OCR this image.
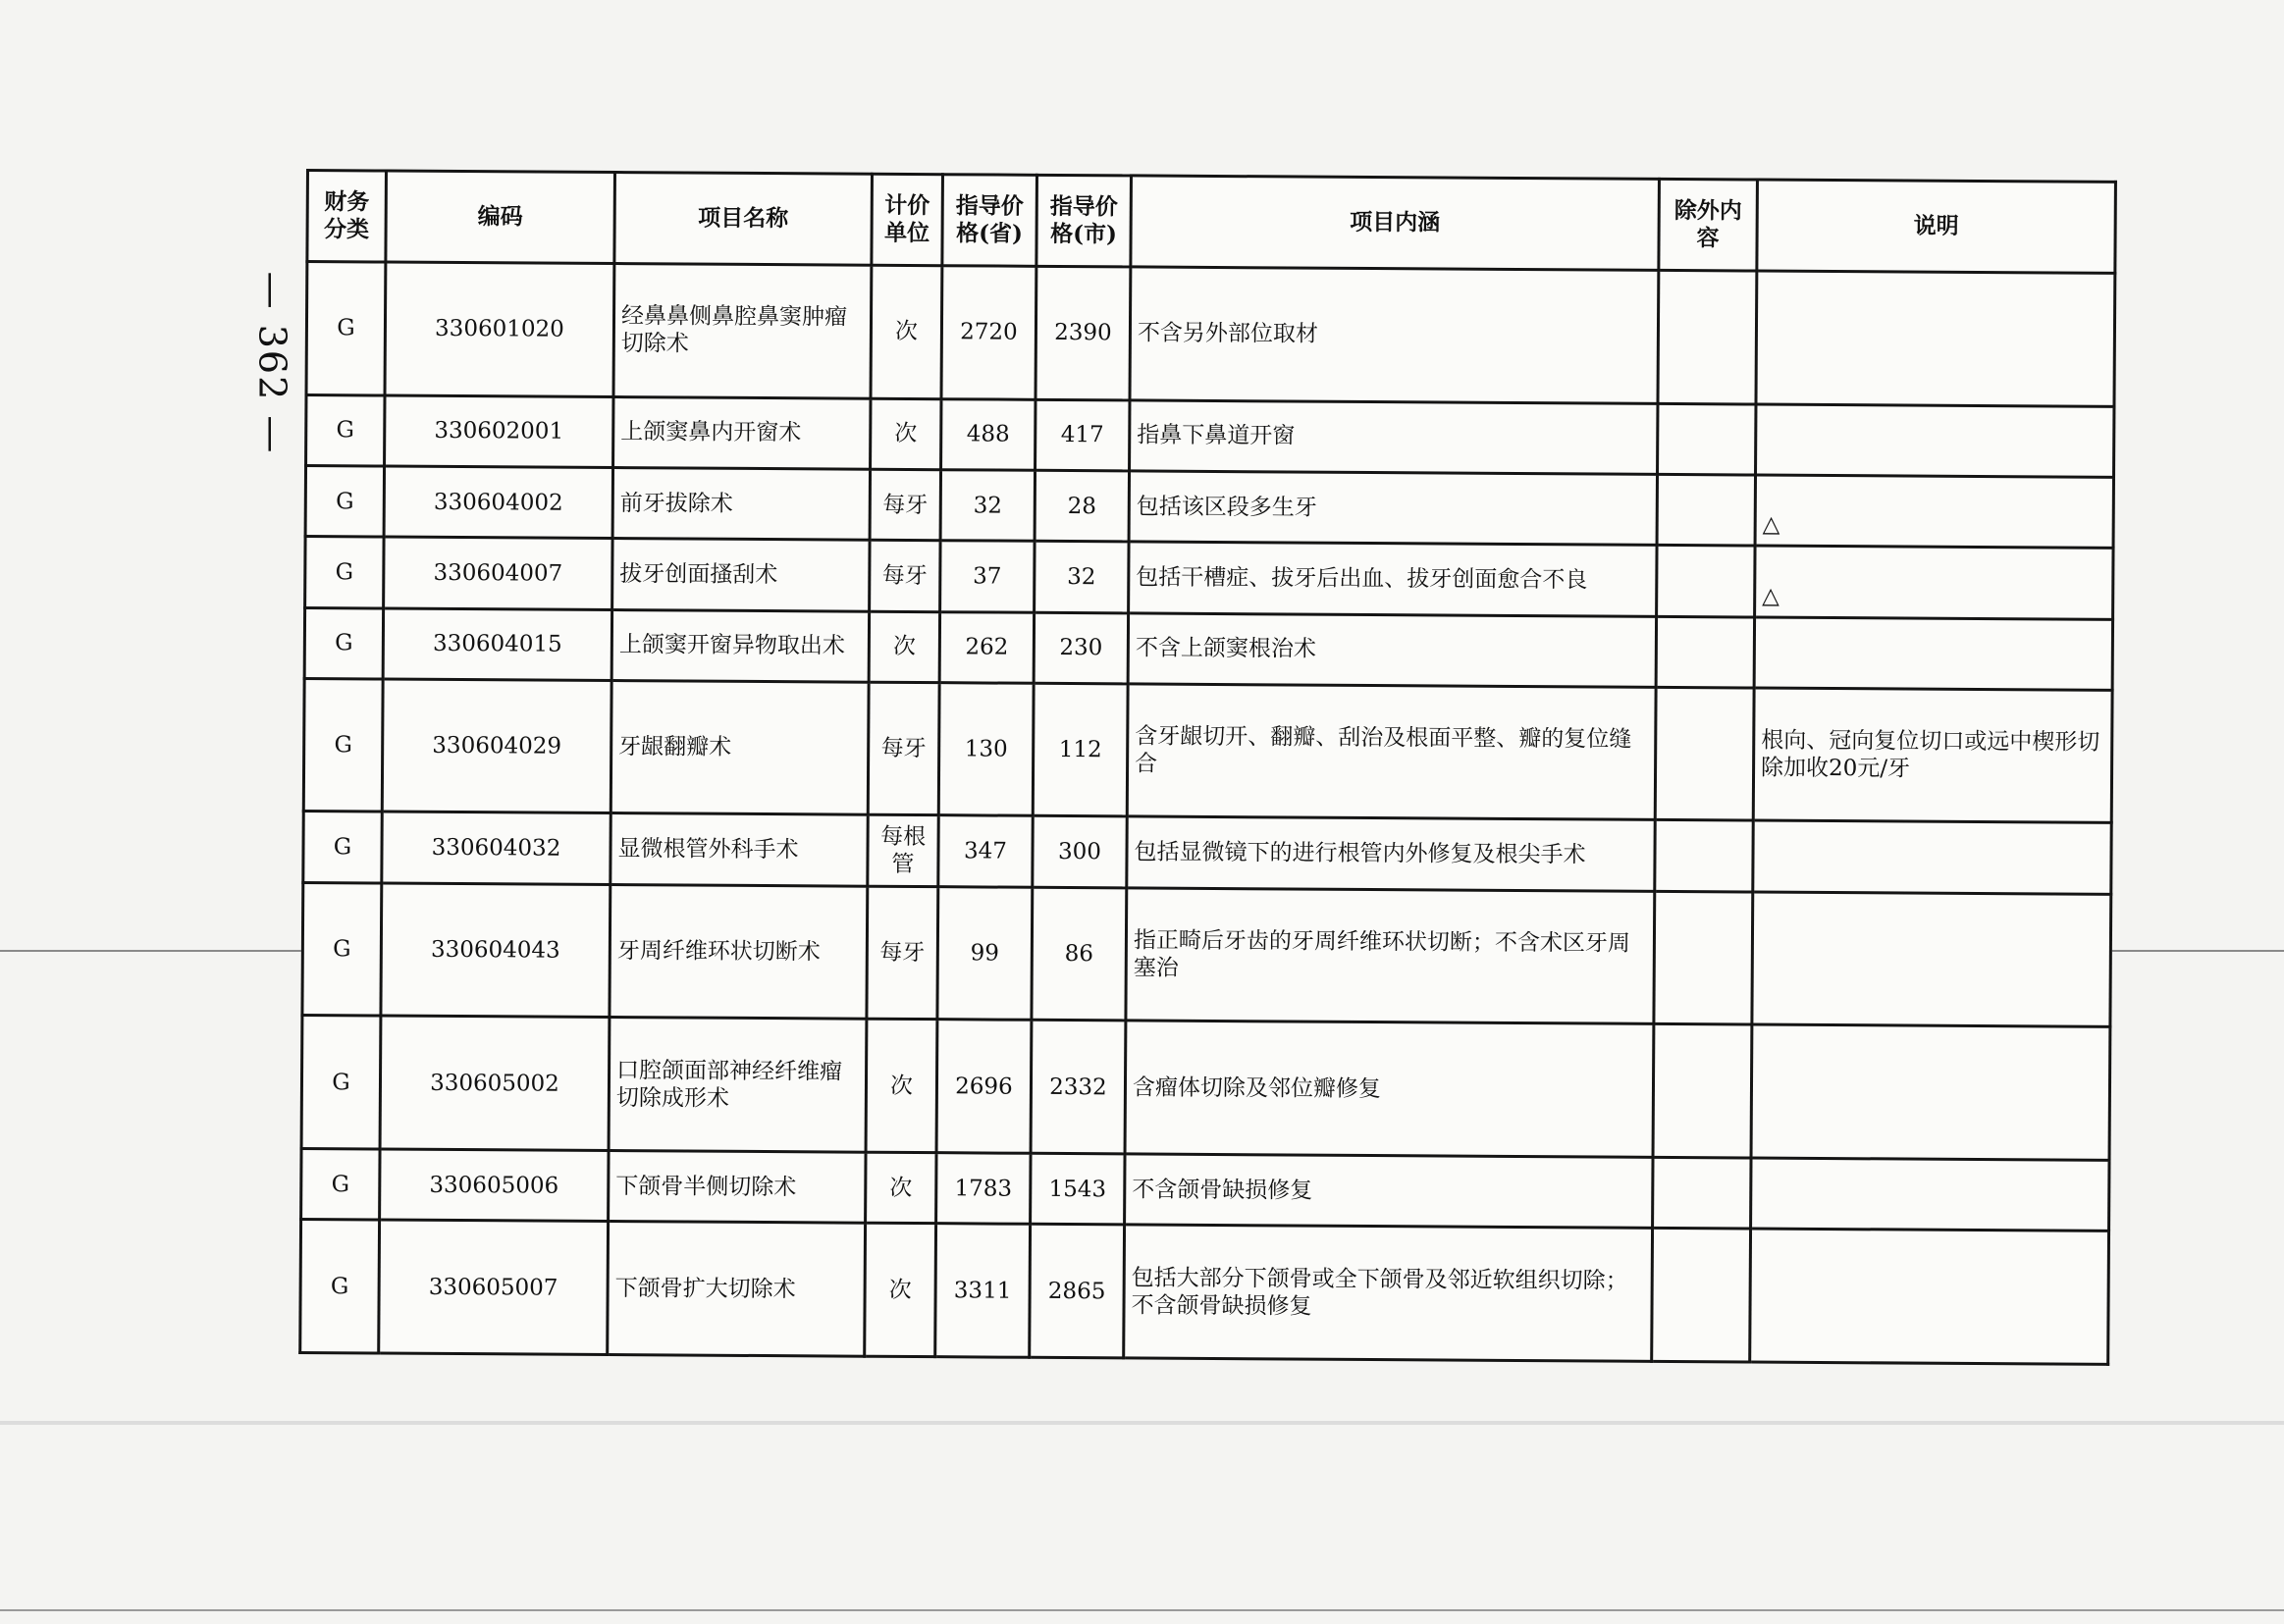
— 362 —
财务分类	编码	项目名称	计价单位	指导价格(省)	指导价格(市)	项目内涵	除外内容	说明
G	330601020	经鼻鼻侧鼻腔鼻窦肿瘤切除术	次	2720	2390	不含另外部位取材		
G	330602001	上颌窦鼻内开窗术	次	488	417	指鼻下鼻道开窗		
G	330604002	前牙拔除术	每牙	32	28	包括该区段多生牙		△
G	330604007	拔牙创面搔刮术	每牙	37	32	包括干槽症、拔牙后出血、拔牙创面愈合不良		△
G	330604015	上颌窦开窗异物取出术	次	262	230	不含上颌窦根治术		
G	330604029	牙龈翻瓣术	每牙	130	112	含牙龈切开、翻瓣、刮治及根面平整、瓣的复位缝合		根向、冠向复位切口或远中楔形切除加收20元/牙
G	330604032	显微根管外科手术	每根管	347	300	包括显微镜下的进行根管内外修复及根尖手术		
G	330604043	牙周纤维环状切断术	每牙	99	86	指正畸后牙齿的牙周纤维环状切断；不含术区牙周塞治		
G	330605002	口腔颌面部神经纤维瘤切除成形术	次	2696	2332	含瘤体切除及邻位瓣修复		
G	330605006	下颌骨半侧切除术	次	1783	1543	不含颌骨缺损修复		
G	330605007	下颌骨扩大切除术	次	3311	2865	包括大部分下颌骨或全下颌骨及邻近软组织切除；不含颌骨缺损修复		
